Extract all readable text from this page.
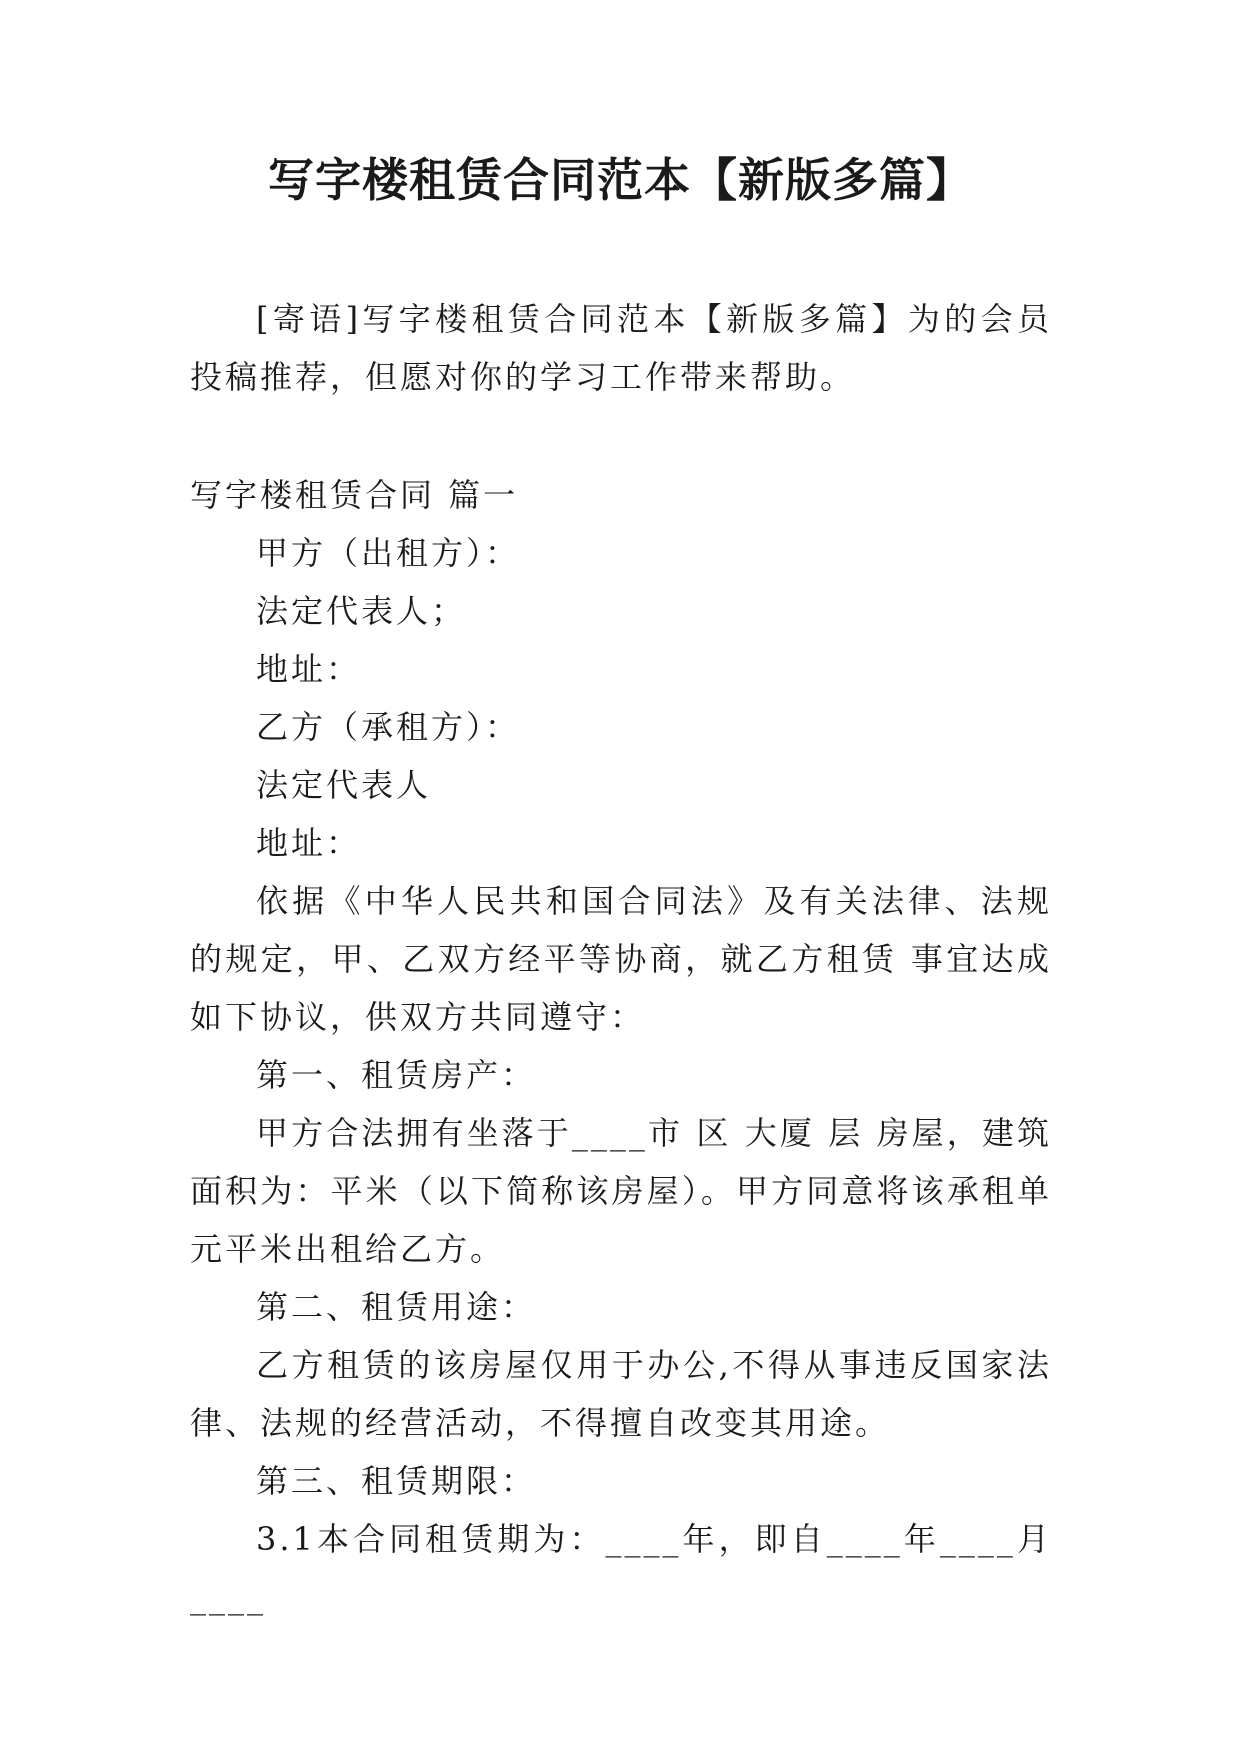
写字楼租赁合同范本【新版多篇】

[寄语]写字楼租赁合同范本【新版多篇】为的会员投稿推荐，但愿对你的学习工作带来帮助。

写字楼租赁合同 篇一

甲方（出租方）：

法定代表人；

地址：

乙方（承租方）：

法定代表人

地址：

依据《中华人民共和国合同法》及有关法律、法规的规定，甲、乙双方经平等协商，就乙方租赁 事宜达成如下协议，供双方共同遵守：

第一、租赁房产：

甲方合法拥有坐落于____市 区 大厦 层 房屋，建筑面积为：平米（以下简称该房屋）。甲方同意将该承租单元平米出租给乙方。

第二、租赁用途：

乙方租赁的该房屋仅用于办公,不得从事违反国家法律、法规的经营活动，不得擅自改变其用途。

第三、租赁期限：

3.1本合同租赁期为：____年，即自____年____月____
